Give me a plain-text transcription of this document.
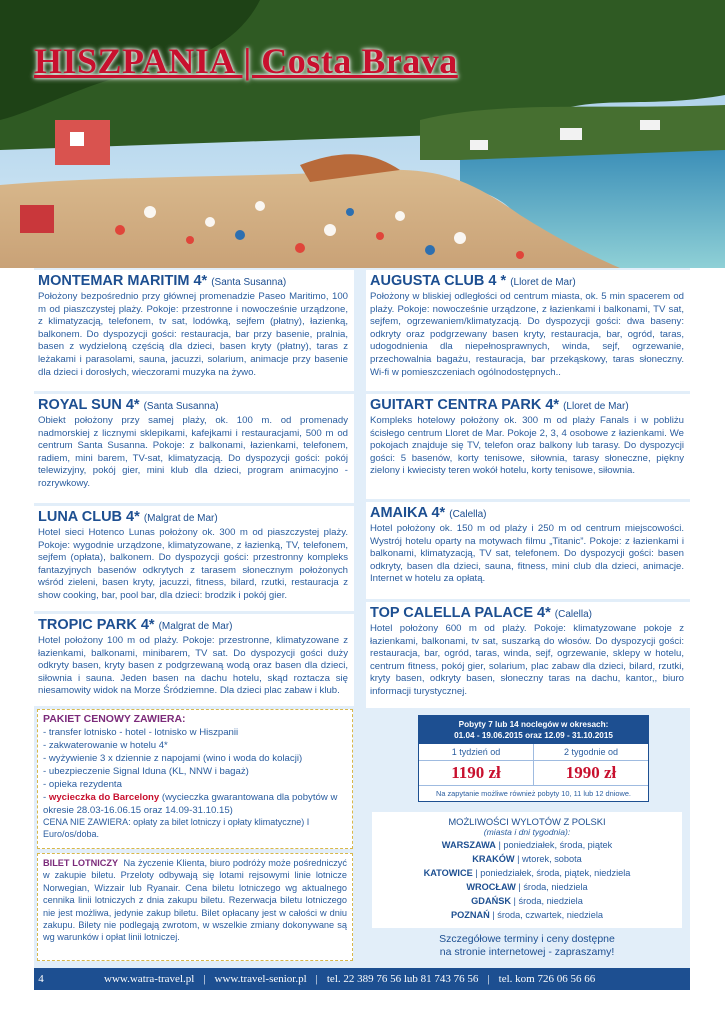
HISZPANIA | Costa Brava
MONTEMAR MARITIM 4* (Santa Susanna)

Położony bezpośrednio przy głównej promenadzie Paseo Maritimo, 100 m od piaszczystej plaży. Pokoje: przestronne i nowocześnie urządzone, z klimatyzacją, telefonem, tv sat, lodówką, sejfem (płatny), łazienką, balkonem. Do dyspozycji gości: restauracja, bar przy basenie, pralnia, basen z wydzieloną częścią dla dzieci, basen kryty (płatny), taras z leżakami i parasolami, sauna, jacuzzi, solarium, animacje przy basenie dla dzieci i dorosłych, wieczorami muzyka na żywo.

ROYAL SUN 4* (Santa Susanna)

Obiekt położony przy samej plaży, ok. 100 m. od promenady nadmorskiej z licznymi sklepikami, kafejkami i restauracjami, 500 m od centrum Santa Susanna. Pokoje: z balkonami, łazienkami, telefonem, radiem, mini barem, TV-sat, klimatyzacją. Do dyspozycji gości: pokój telewizyjny, pokój gier, mini klub dla dzieci, program animacyjno - rozrywkowy.

LUNA CLUB 4* (Malgrat de Mar)

Hotel sieci Hotenco Lunas położony ok. 300 m od piaszczystej plaży. Pokoje: wygodnie urządzone, klimatyzowane, z łazienką, TV, telefonem, sejfem (opłata), balkonem. Do dyspozycji gości: przestronny kompleks fantazyjnych basenów odkrytych z tarasem słonecznym położonych wśród zieleni, basen kryty, jacuzzi, fitness, bilard, rzutki, restauracja z show cooking, bar, pool bar, dla dzieci: brodzik i pokój gier.

TROPIC PARK 4* (Malgrat de Mar)

Hotel położony 100 m od plaży. Pokoje: przestronne, klimatyzowane z łazienkami, balkonami, minibarem, TV sat. Do dyspozycji gości duży odkryty basen, kryty basen z podgrzewaną wodą oraz basen dla dzieci, siłownia i sauna. Jeden basen na dachu hotelu, skąd roztacza się niesamowity widok na Morze Śródziemne. Dla dzieci plac zabaw i klub.

AUGUSTA CLUB 4 * (Lloret de Mar)

Położony w bliskiej odległości od centrum miasta, ok. 5 min spacerem od plaży. Pokoje: nowocześnie urządzone, z łazienkami i balkonami, TV sat, sejfem, ogrzewaniem/klimatyzacją. Do dyspozycji gości: dwa baseny: odkryty oraz podgrzewany basen kryty, restauracja, bar, ogród, taras, udogodnienia dla niepełnosprawnych, winda, sejf, ogrzewanie, przechowalnia bagażu, restauracja, bar przekąskowy, taras słoneczny. Wi-fi w pomieszczeniach ogólnodostępnych..

GUITART CENTRA PARK 4* (Lloret de Mar)

Kompleks hotelowy położony ok. 300 m od plaży Fanals i w pobliżu ścisłego centrum Lloret de Mar. Pokoje 2, 3, 4 osobowe z łazienkami. We pokojach znajduje się TV, telefon oraz balkony lub tarasy. Do dyspozycji gości: 5 basenów, korty tenisowe, siłownia, tarasy słoneczne, piękny zielony i kwiecisty teren wokół hotelu, korty tenisowe, siłownia.

AMAIKA 4* (Calella)

Hotel położony ok. 150 m od plaży i 250 m od centrum miejscowości. Wystrój hotelu oparty na motywach filmu „Titanic”. Pokoje: z łazienkami i balkonami, klimatyzacją, TV sat, telefonem. Do dyspozycji gości: basen odkryty, basen dla dzieci, sauna, fitness, mini club dla dzieci, animacje. Internet w hotelu za opłatą.

TOP CALELLA PALACE 4* (Calella)

Hotel położony 600 m od plaży. Pokoje: klimatyzowane pokoje z łazienkami, balkonami, tv sat, suszarką do włosów. Do dyspozycji gości: restauracja, bar, ogród, taras, winda, sejf, ogrzewanie, sklepy w hotelu, centrum fitness, pokój gier, solarium, plac zabaw dla dzieci, bilard, rzutki, kryty basen, odkryty basen, słoneczny taras na dachu, kantor,, biuro informacji turystycznej.

PAKIET CENOWY ZAWIERA:
- transfer lotnisko - hotel - lotnisko w Hiszpanii
- zakwaterowanie w hotelu 4*
- wyżywienie 3 x dziennie z napojami (wino i woda do kolacji)
- ubezpieczenie Signal Iduna (KL, NNW i bagaż)
- opieka rezydenta
- wycieczka do Barcelony (wycieczka gwarantowana dla pobytów w okresie 28.03-16.06.15 oraz 14.09-31.10.15)
CENA NIE ZAWIERA: opłaty za bilet lotniczy i opłaty klimatyczne) I Euro/os/doba.
BILET LOTNICZY Na życzenie Klienta, biuro podróży może pośredniczyć w zakupie biletu. Przeloty odbywają się lotami rejsowymi linie lotnicze Norwegian, Wizzair lub Ryanair. Cena biletu lotniczego wg aktualnego cennika linii lotniczych z dnia zakupu biletu. Rezerwacja biletu lotniczego nie jest możliwa, jedynie zakup biletu. Bilet opłacany jest w całości w dniu zakupu. Bilety nie podlegają zwrotom, w wszelkie zmiany dokonywane są wg warunków i opłat linii lotniczej.
Pobyty 7 lub 14 noclegów w okresach:
01.04 - 19.06.2015 oraz 12.09 - 31.10.2015
1 tydzień od
1190 zł
2 tygodnie od
1990 zł
Na zapytanie możliwe również pobyty 10, 11 lub 12 dniowe.
MOŻLIWOŚCI WYLOTÓW Z POLSKI
(miasta i dni tygodnia):
WARSZAWA | poniedziałek, środa, piątek
KRAKÓW | wtorek, sobota
KATOWICE | poniedziałek, środa, piątek, niedziela
WROCŁAW | środa, niedziela
GDAŃSK | środa, niedziela
POZNAŃ | środa, czwartek, niedziela
Szczegółowe terminy i ceny dostępne
na stronie internetowej - zapraszamy!
4	www.watra-travel.pl | www.travel-senior.pl | tel. 22 389 76 56 lub 81 743 76 56 | tel. kom 726 06 56 66
